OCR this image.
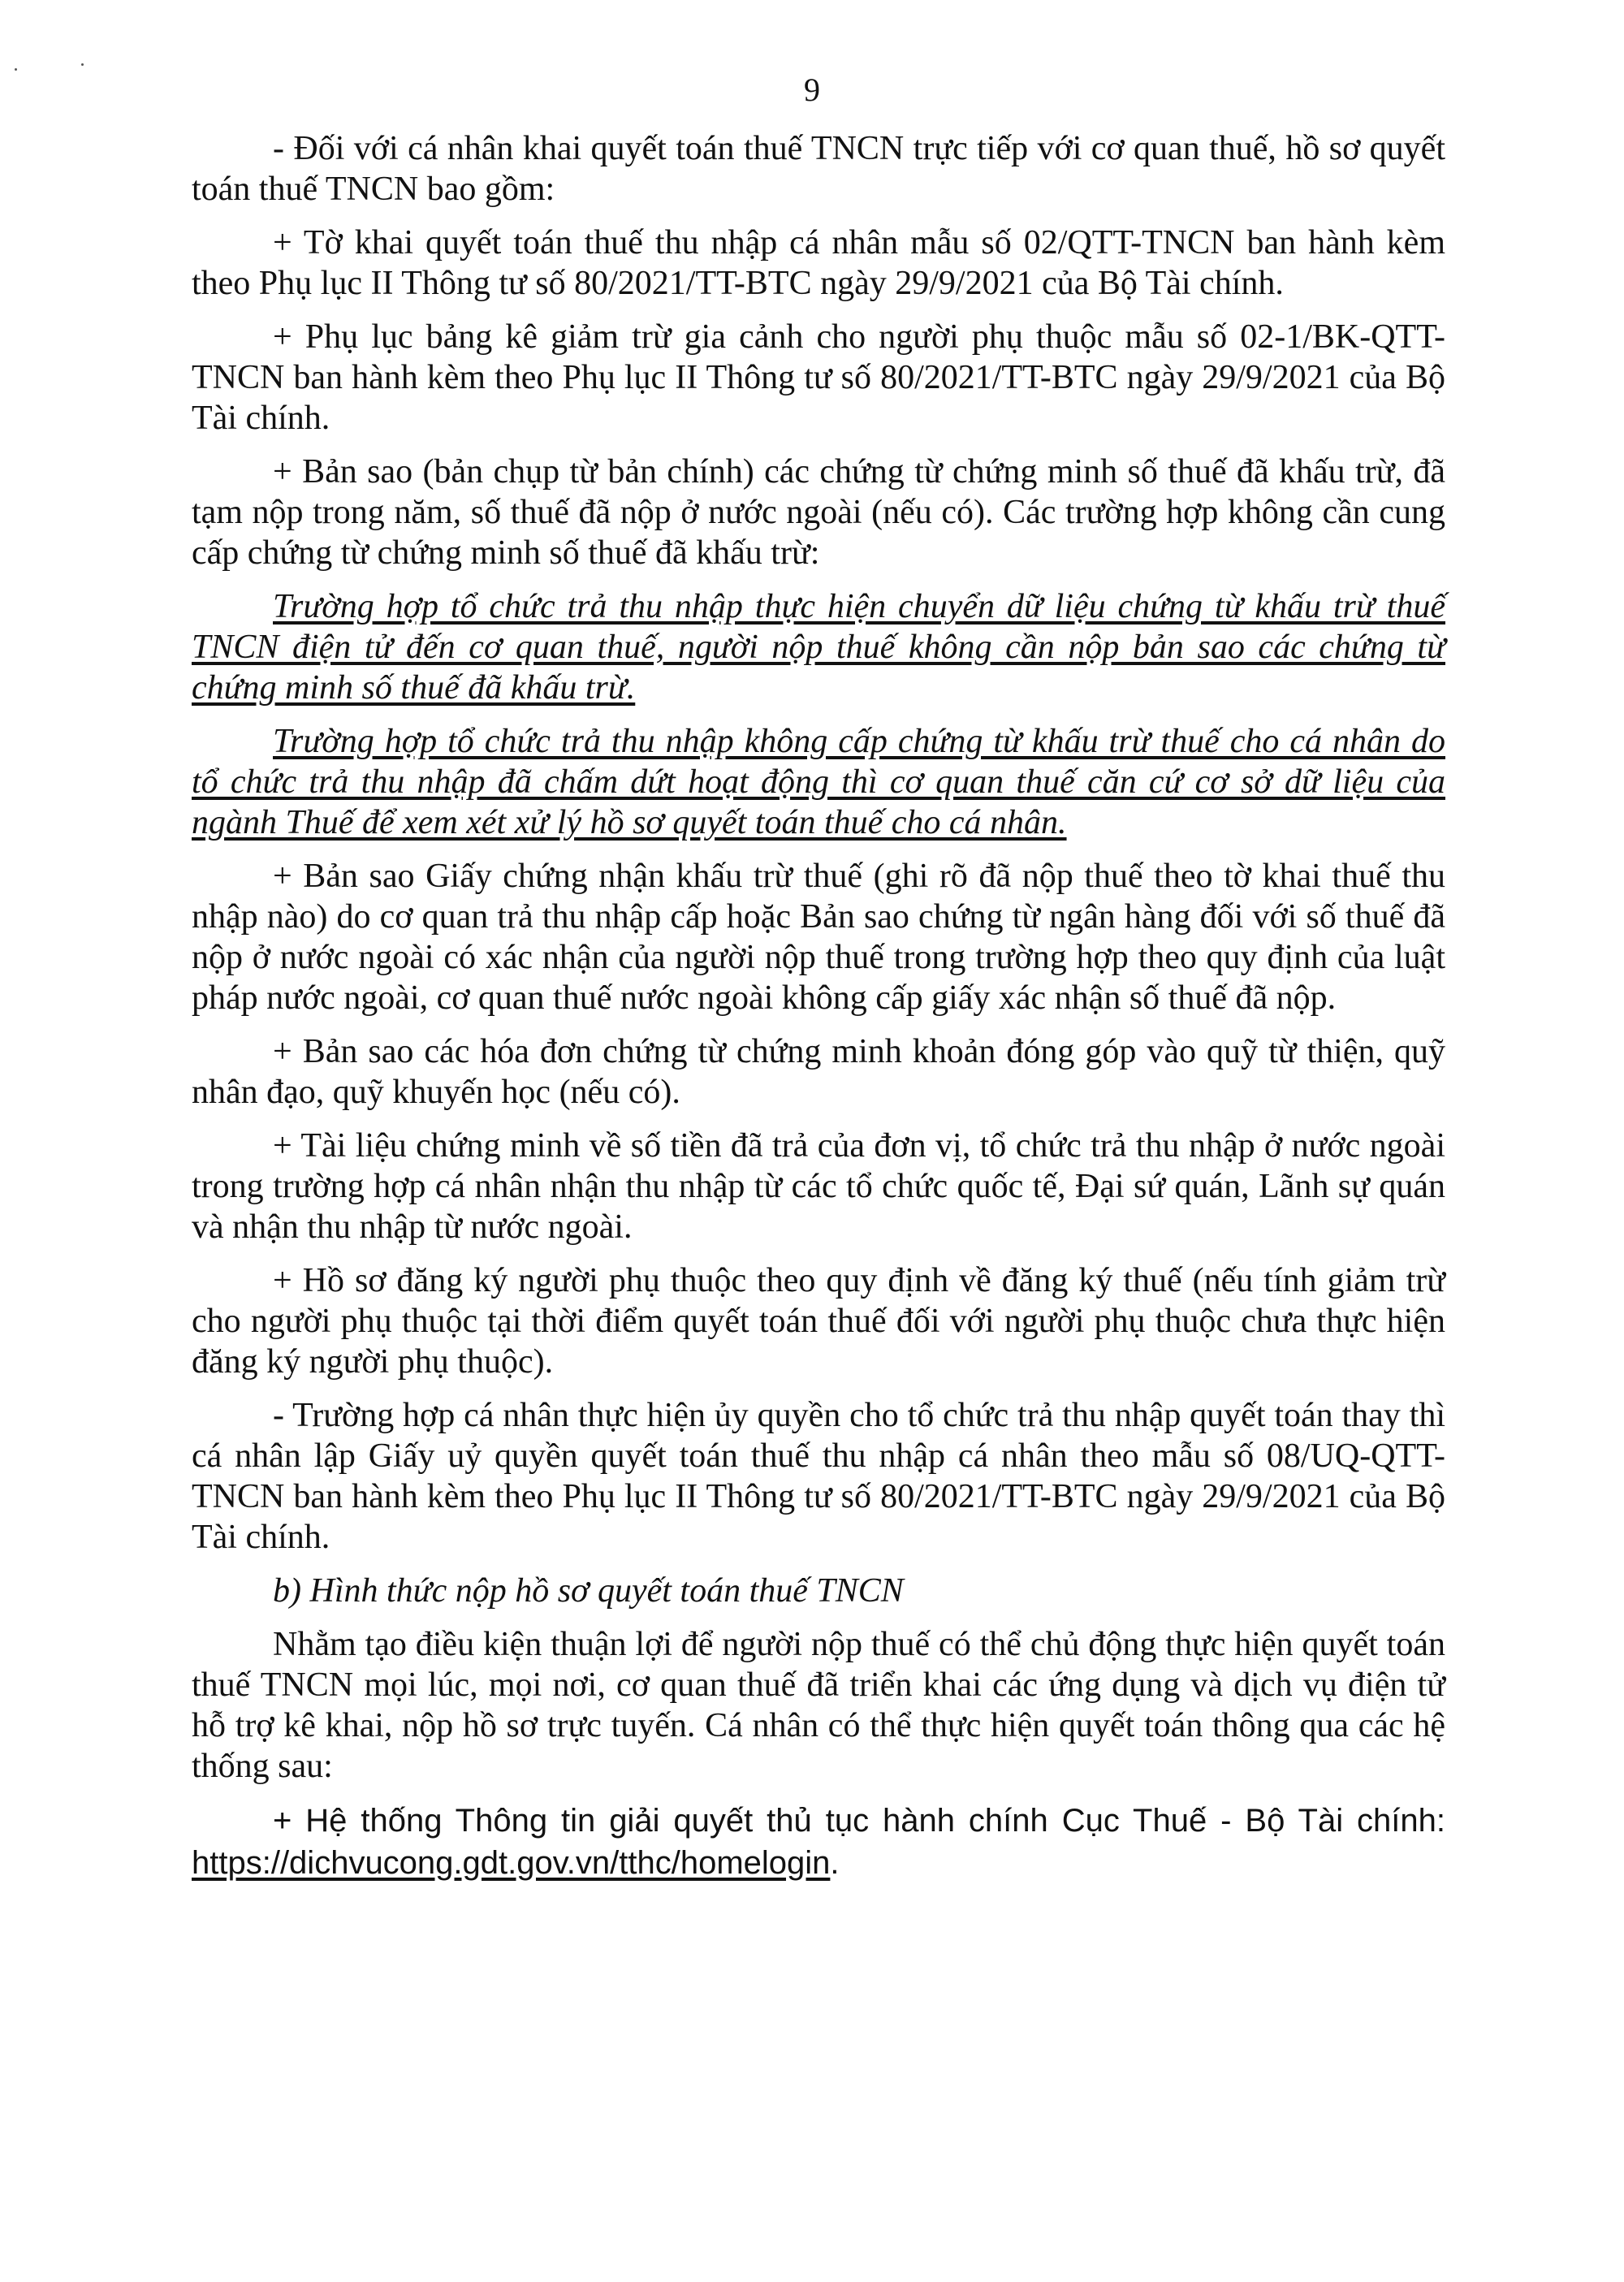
9

- Đối với cá nhân khai quyết toán thuế TNCN trực tiếp với cơ quan thuế, hồ sơ quyết toán thuế TNCN bao gồm:

+ Tờ khai quyết toán thuế thu nhập cá nhân mẫu số 02/QTT-TNCN ban hành kèm theo Phụ lục II Thông tư số 80/2021/TT-BTC ngày 29/9/2021 của Bộ Tài chính.

+ Phụ lục bảng kê giảm trừ gia cảnh cho người phụ thuộc mẫu số 02-1/BK-QTT-TNCN ban hành kèm theo Phụ lục II Thông tư số 80/2021/TT-BTC ngày 29/9/2021 của Bộ Tài chính.

+ Bản sao (bản chụp từ bản chính) các chứng từ chứng minh số thuế đã khấu trừ, đã tạm nộp trong năm, số thuế đã nộp ở nước ngoài (nếu có). Các trường hợp không cần cung cấp chứng từ chứng minh số thuế đã khấu trừ:

Trường hợp tổ chức trả thu nhập thực hiện chuyển dữ liệu chứng từ khấu trừ thuế TNCN điện tử đến cơ quan thuế, người nộp thuế không cần nộp bản sao các chứng từ chứng minh số thuế đã khấu trừ.

Trường hợp tổ chức trả thu nhập không cấp chứng từ khấu trừ thuế cho cá nhân do tổ chức trả thu nhập đã chấm dứt hoạt động thì cơ quan thuế căn cứ cơ sở dữ liệu của ngành Thuế để xem xét xử lý hồ sơ quyết toán thuế cho cá nhân.

+ Bản sao Giấy chứng nhận khấu trừ thuế (ghi rõ đã nộp thuế theo tờ khai thuế thu nhập nào) do cơ quan trả thu nhập cấp hoặc Bản sao chứng từ ngân hàng đối với số thuế đã nộp ở nước ngoài có xác nhận của người nộp thuế trong trường hợp theo quy định của luật pháp nước ngoài, cơ quan thuế nước ngoài không cấp giấy xác nhận số thuế đã nộp.

+ Bản sao các hóa đơn chứng từ chứng minh khoản đóng góp vào quỹ từ thiện, quỹ nhân đạo, quỹ khuyến học (nếu có).

+ Tài liệu chứng minh về số tiền đã trả của đơn vị, tổ chức trả thu nhập ở nước ngoài trong trường hợp cá nhân nhận thu nhập từ các tổ chức quốc tế, Đại sứ quán, Lãnh sự quán và nhận thu nhập từ nước ngoài.

+ Hồ sơ đăng ký người phụ thuộc theo quy định về đăng ký thuế (nếu tính giảm trừ cho người phụ thuộc tại thời điểm quyết toán thuế đối với người phụ thuộc chưa thực hiện đăng ký người phụ thuộc).

- Trường hợp cá nhân thực hiện ủy quyền cho tổ chức trả thu nhập quyết toán thay thì cá nhân lập Giấy uỷ quyền quyết toán thuế thu nhập cá nhân theo mẫu số 08/UQ-QTT-TNCN ban hành kèm theo Phụ lục II Thông tư số 80/2021/TT-BTC ngày 29/9/2021 của Bộ Tài chính.

b) Hình thức nộp hồ sơ quyết toán thuế TNCN

Nhằm tạo điều kiện thuận lợi để người nộp thuế có thể chủ động thực hiện quyết toán thuế TNCN mọi lúc, mọi nơi, cơ quan thuế đã triển khai các ứng dụng và dịch vụ điện tử hỗ trợ kê khai, nộp hồ sơ trực tuyến. Cá nhân có thể thực hiện quyết toán thông qua các hệ thống sau:

+ Hệ thống Thông tin giải quyết thủ tục hành chính Cục Thuế - Bộ Tài chính: https://dichvucong.gdt.gov.vn/tthc/homelogin.
